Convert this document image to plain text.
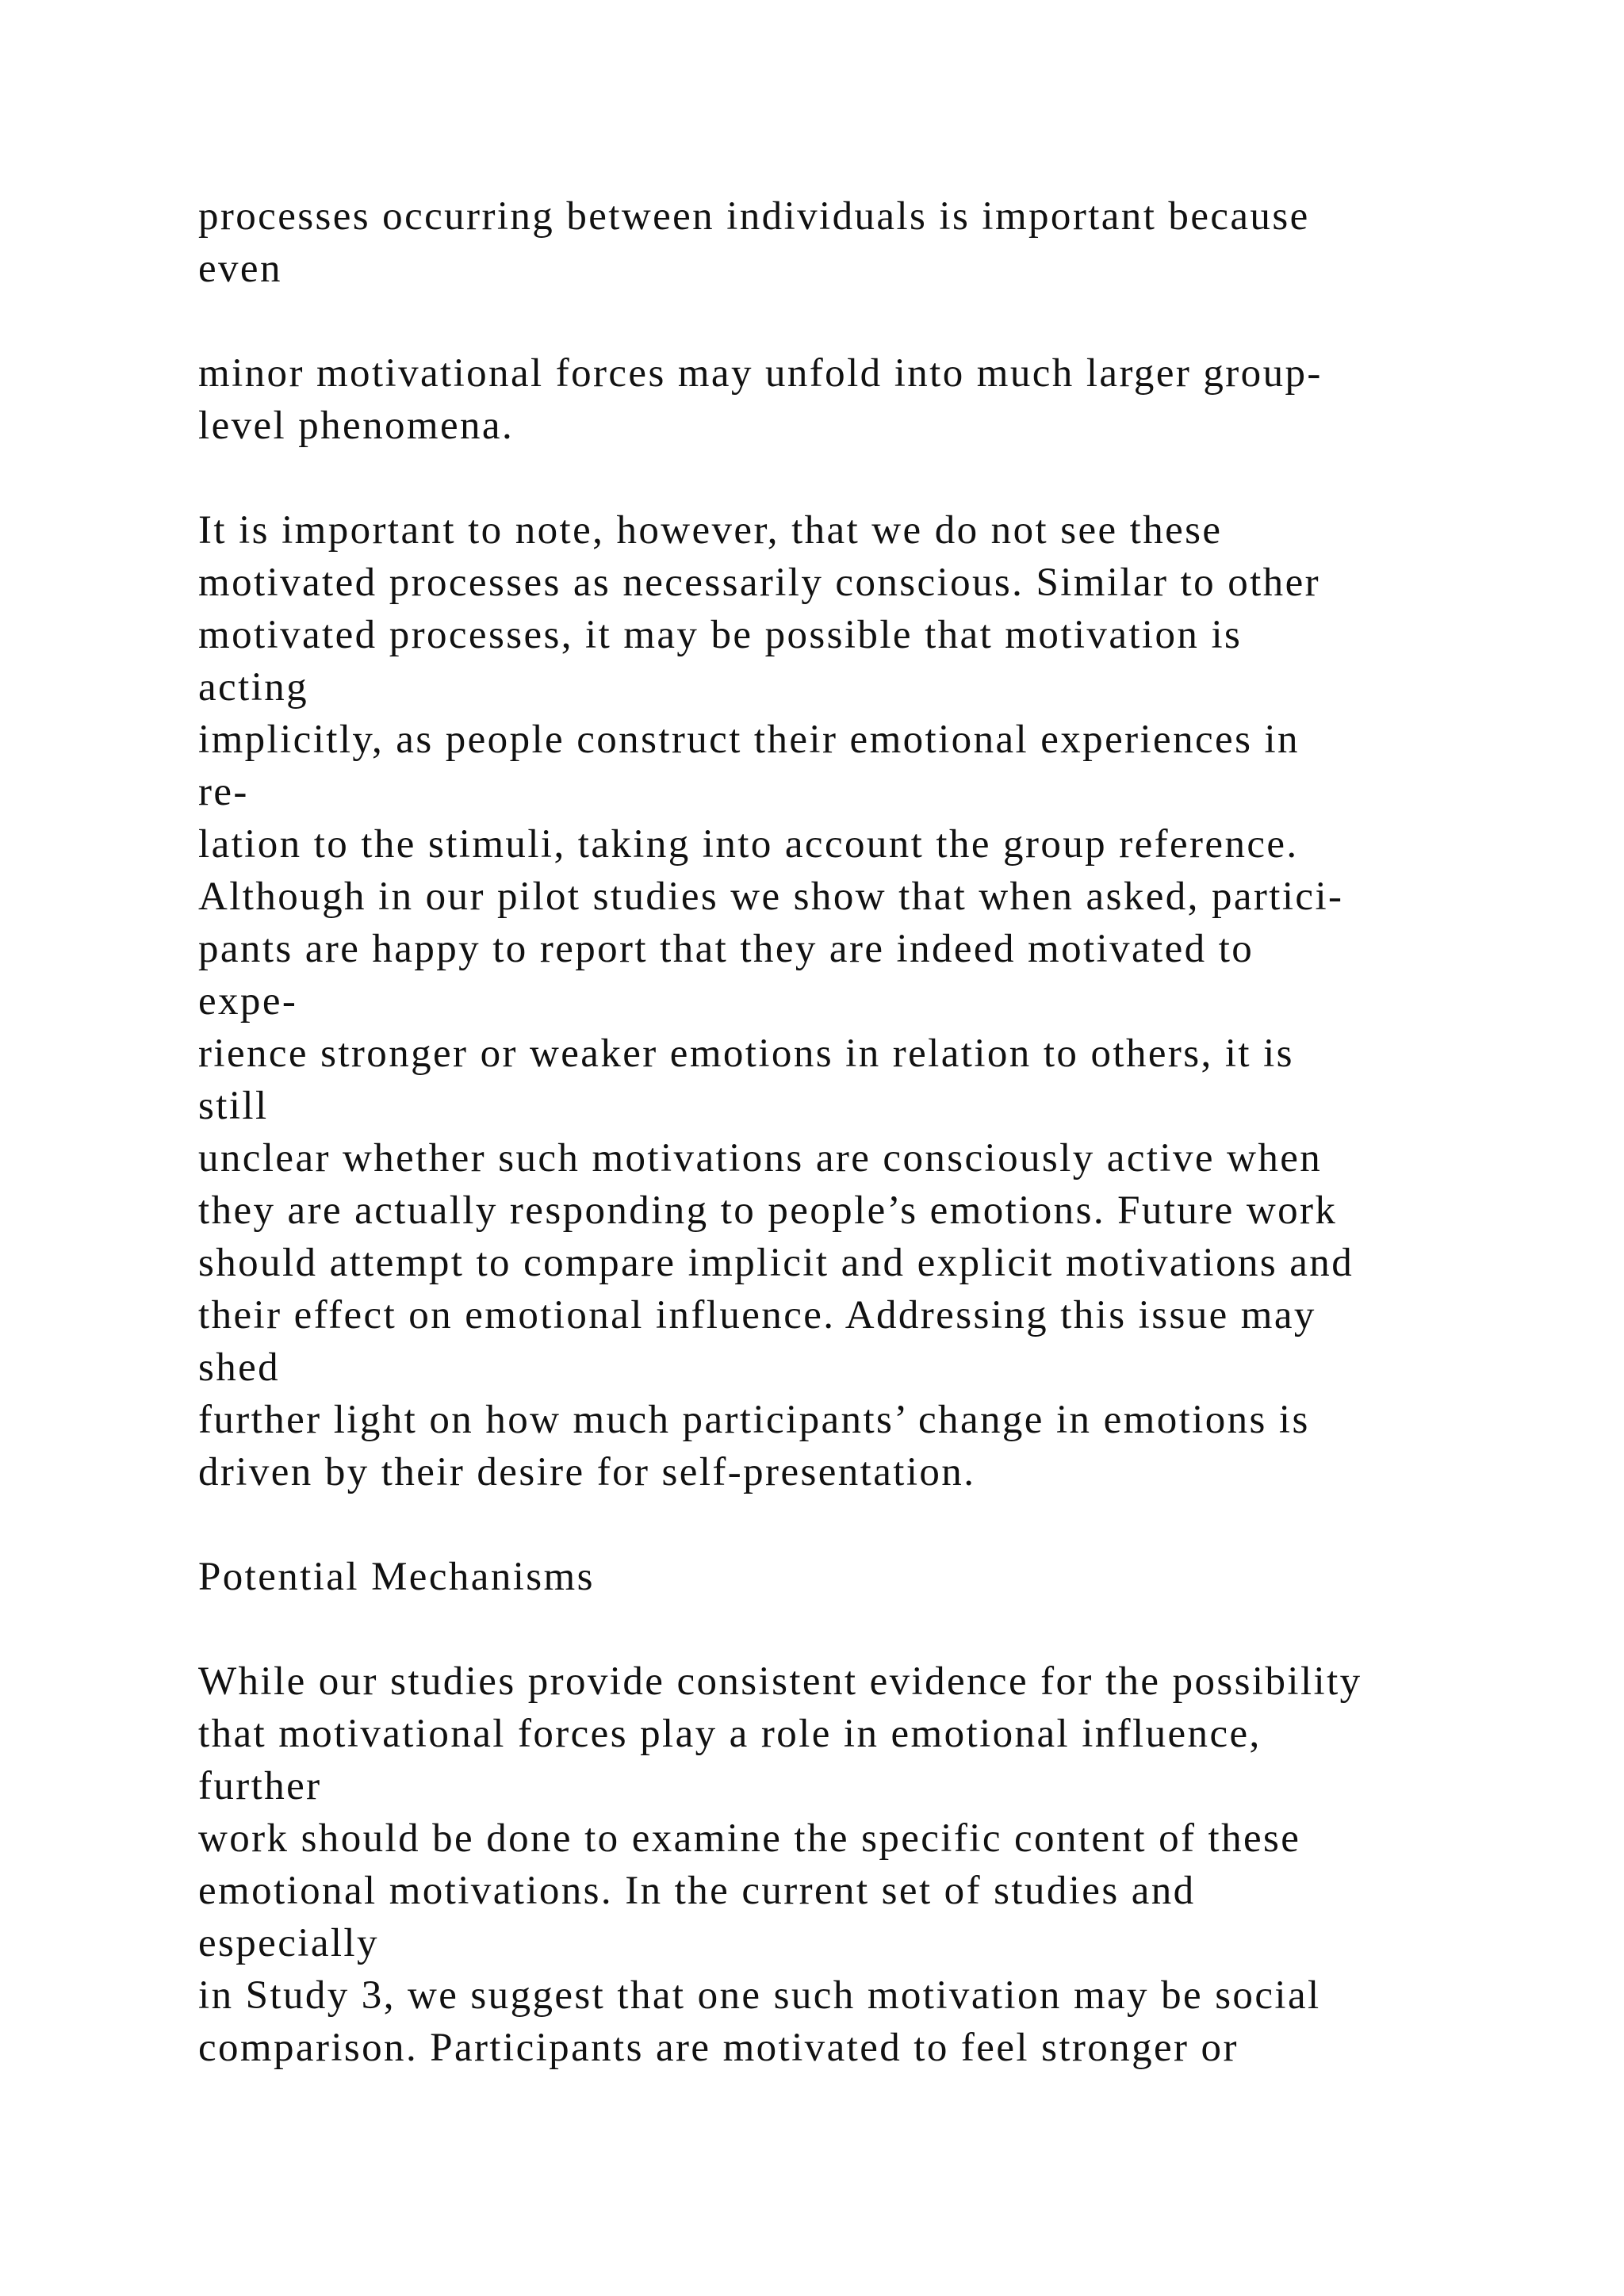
processes occurring between individuals is important because
even
minor motivational forces may unfold into much larger group-
level phenomena.
It is important to note, however, that we do not see these
motivated processes as necessarily conscious. Similar to other
motivated processes, it may be possible that motivation is
acting
implicitly, as people construct their emotional experiences in
re-
lation to the stimuli, taking into account the group reference.
Although in our pilot studies we show that when asked, partici-
pants are happy to report that they are indeed motivated to
expe-
rience stronger or weaker emotions in relation to others, it is
still
unclear whether such motivations are consciously active when
they are actually responding to people’s emotions. Future work
should attempt to compare implicit and explicit motivations and
their effect on emotional influence. Addressing this issue may
shed
further light on how much participants’ change in emotions is
driven by their desire for self-presentation.
Potential Mechanisms
While our studies provide consistent evidence for the possibility
that motivational forces play a role in emotional influence,
further
work should be done to examine the specific content of these
emotional motivations. In the current set of studies and
especially
in Study 3, we suggest that one such motivation may be social
comparison. Participants are motivated to feel stronger or
